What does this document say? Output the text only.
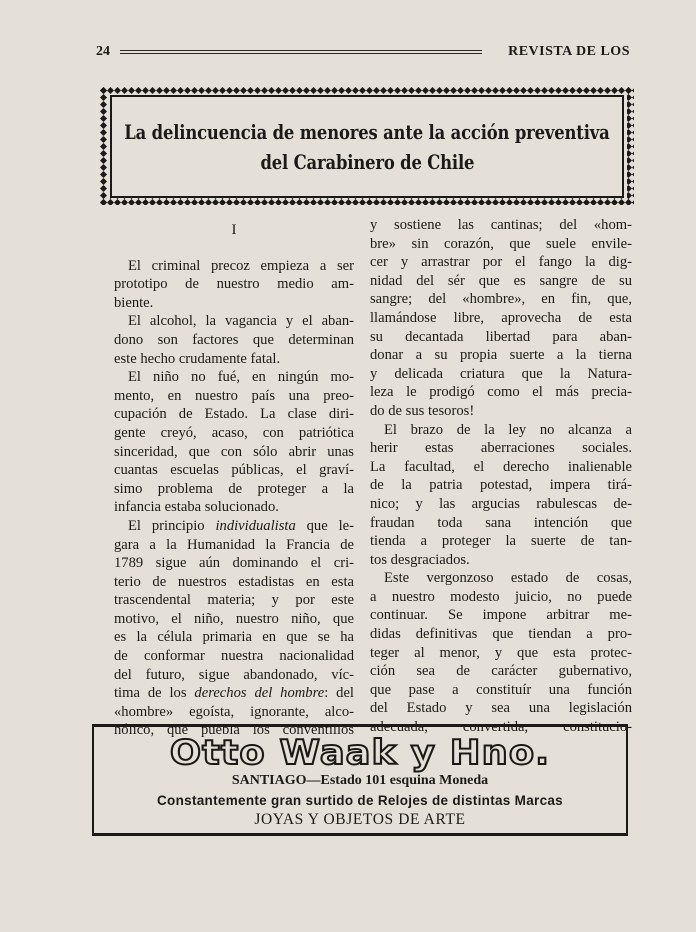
24	REVISTA DE LOS
La delincuencia de menores ante la acción preventiva
del Carabinero de Chile
I
El criminal precoz empieza a ser
prototipo de nuestro medio am-
biente.
El alcohol, la vagancia y el aban-
dono son factores que determinan
este hecho crudamente fatal.
El niño no fué, en ningún mo-
mento, en nuestro país una preo-
cupación de Estado. La clase diri-
gente creyó, acaso, con patriótica
sinceridad, que con sólo abrir unas
cuantas escuelas públicas, el graví-
simo problema de proteger a la
infancia estaba solucionado.
El principio individualista que le-
gara a la Humanidad la Francia de
1789 sigue aún dominando el cri-
terio de nuestros estadistas en esta
trascendental materia; y por este
motivo, el niño, nuestro niño, que
es la célula primaria en que se ha
de conformar nuestra nacionalidad
del futuro, sigue abandonado, víc-
tima de los derechos del hombre: del
«hombre» egoísta, ignorante, alco-
hólico, que puebla los conventillos
y sostiene las cantinas; del «hom-
bre» sin corazón, que suele envile-
cer y arrastrar por el fango la dig-
nidad del sér que es sangre de su
sangre; del «hombre», en fin, que,
llamándose libre, aprovecha de esta
su decantada libertad para aban-
donar a su propia suerte a la tierna
y delicada criatura que la Natura-
leza le prodigó como el más precia-
do de sus tesoros!
El brazo de la ley no alcanza a
herir estas aberraciones sociales.
La facultad, el derecho inalienable
de la patria potestad, impera tirá-
nico; y las argucias rabulescas de-
fraudan toda sana intención que
tienda a proteger la suerte de tan-
tos desgraciados.
Este vergonzoso estado de cosas,
a nuestro modesto juicio, no puede
continuar. Se impone arbitrar me-
didas definitivas que tiendan a pro-
teger al menor, y que esta protec-
ción sea de carácter gubernativo,
que pase a constituír una función
del Estado y sea una legislación
adecuada, convertida, constitucio-
Otto Waak y Hno.
SANTIAGO—Estado 101 esquina Moneda
Constantemente gran surtido de Relojes de distintas Marcas
JOYAS Y OBJETOS DE ARTE
